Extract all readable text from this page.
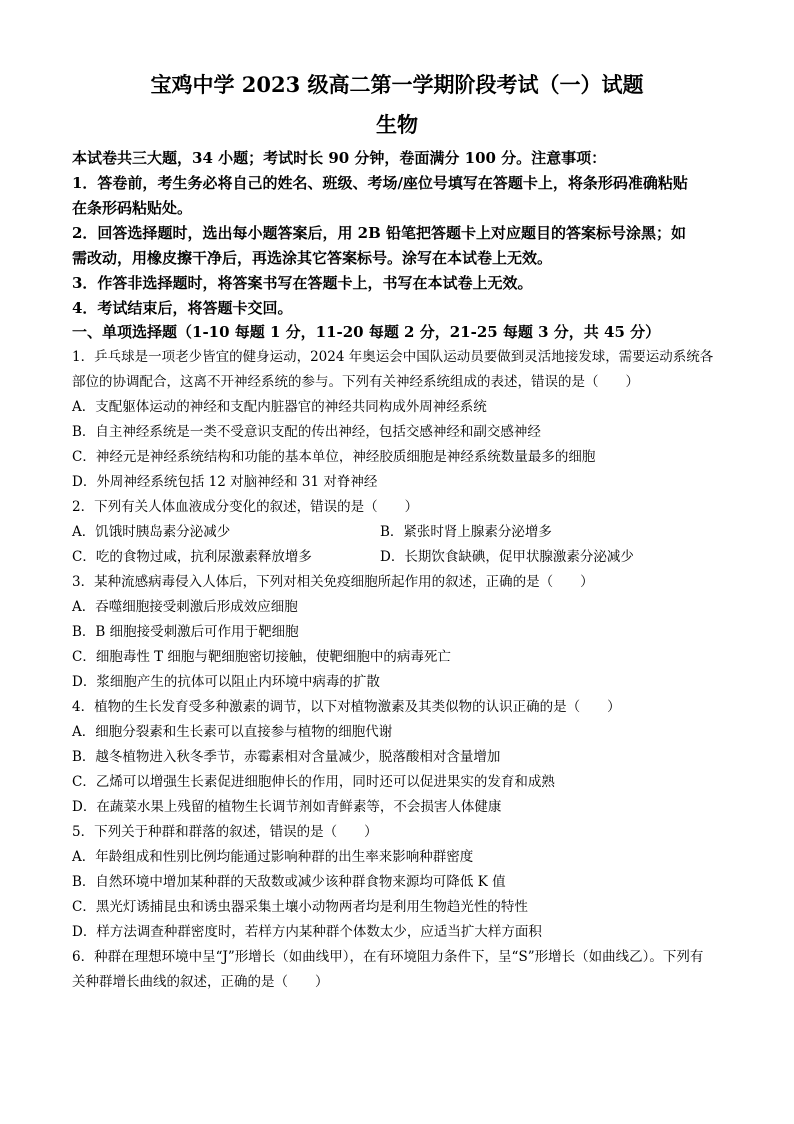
宝鸡中学 2023 级高二第一学期阶段考试（一）试题
生物

本试卷共三大题，34 小题；考试时长 90 分钟，卷面满分 100 分。注意事项：

1．答卷前，考生务必将自己的姓名、班级、考场/座位号填写在答题卡上，将条形码准确粘贴

在条形码粘贴处。

2．回答选择题时，选出每小题答案后，用 2B 铅笔把答题卡上对应题目的答案标号涂黑；如

需改动，用橡皮擦干净后，再选涂其它答案标号。涂写在本试卷上无效。

3．作答非选择题时，将答案书写在答题卡上，书写在本试卷上无效。

4．考试结束后，将答题卡交回。

一、单项选择题（1-10 每题 1 分，11-20 每题 2 分，21-25 每题 3 分，共 45 分）

1．乒乓球是一项老少皆宜的健身运动，2024 年奥运会中国队运动员要做到灵活地接发球，需要运动系统各

部位的协调配合，这离不开神经系统的参与。下列有关神经系统组成的表述，错误的是（　　）

A．支配躯体运动的神经和支配内脏器官的神经共同构成外周神经系统

B．自主神经系统是一类不受意识支配的传出神经，包括交感神经和副交感神经

C．神经元是神经系统结构和功能的基本单位，神经胶质细胞是神经系统数量最多的细胞

D．外周神经系统包括 12 对脑神经和 31 对脊神经

2．下列有关人体血液成分变化的叙述，错误的是（　　）

A．饥饿时胰岛素分泌减少	B．紧张时肾上腺素分泌增多
C．吃的食物过咸，抗利尿激素释放增多	D．长期饮食缺碘，促甲状腺激素分泌减少

3．某种流感病毒侵入人体后，下列对相关免疫细胞所起作用的叙述，正确的是（　　）

A．吞噬细胞接受刺激后形成效应细胞

B．B 细胞接受刺激后可作用于靶细胞

C．细胞毒性 T 细胞与靶细胞密切接触，使靶细胞中的病毒死亡

D．浆细胞产生的抗体可以阻止内环境中病毒的扩散

4．植物的生长发育受多种激素的调节，以下对植物激素及其类似物的认识正确的是（　　）

A．细胞分裂素和生长素可以直接参与植物的细胞代谢

B．越冬植物进入秋冬季节，赤霉素相对含量减少，脱落酸相对含量增加

C．乙烯可以增强生长素促进细胞伸长的作用，同时还可以促进果实的发育和成熟

D．在蔬菜水果上残留的植物生长调节剂如青鲜素等，不会损害人体健康

5．下列关于种群和群落的叙述，错误的是（　　）

A．年龄组成和性别比例均能通过影响种群的出生率来影响种群密度

B．自然环境中增加某种群的天敌数或减少该种群食物来源均可降低 K 值

C．黑光灯诱捕昆虫和诱虫器采集土壤小动物两者均是利用生物趋光性的特性

D．样方法调查种群密度时，若样方内某种群个体数太少，应适当扩大样方面积

6．种群在理想环境中呈“J”形增长（如曲线甲），在有环境阻力条件下，呈“S”形增长（如曲线乙）。下列有

关种群增长曲线的叙述，正确的是（　　）
